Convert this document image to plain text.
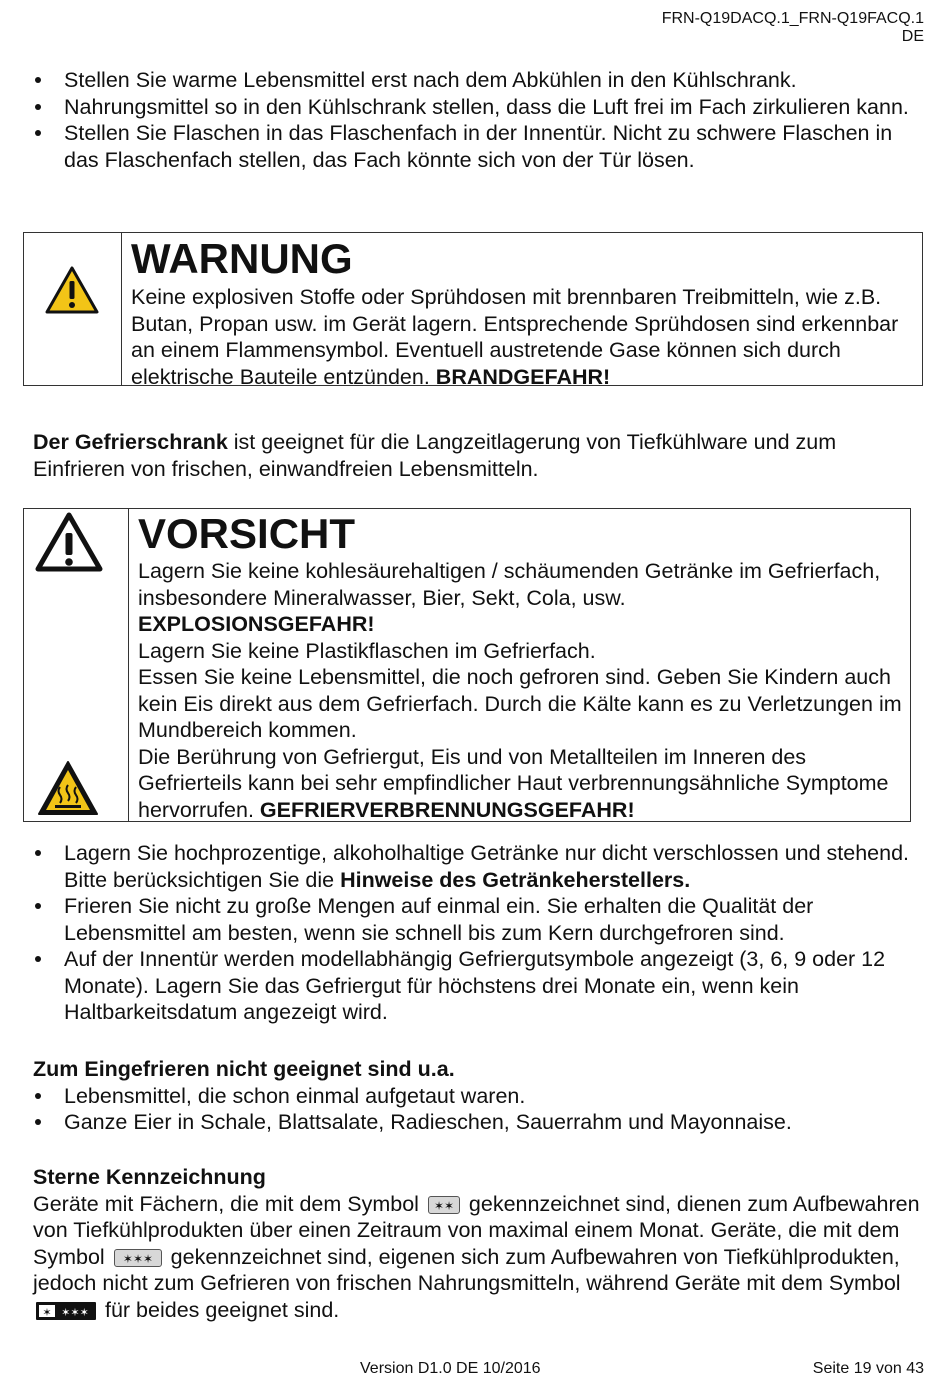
FRN-Q19DACQ.1_FRN-Q19FACQ.1
DE
Stellen Sie warme Lebensmittel erst nach dem Abkühlen in den Kühlschrank.
Nahrungsmittel so in den Kühlschrank stellen, dass die Luft frei im Fach zirkulieren kann.
Stellen Sie Flaschen in das Flaschenfach in der Innentür. Nicht zu schwere Flaschen in das Flaschenfach stellen, das Fach könnte sich von der Tür lösen.
WARNUNG
Keine explosiven Stoffe oder Sprühdosen mit brennbaren Treibmitteln, wie z.B. Butan, Propan usw. im Gerät lagern. Entsprechende Sprühdosen sind erkennbar an einem Flammensymbol. Eventuell austretende Gase können sich durch elektrische Bauteile entzünden. BRANDGEFAHR!

Der Gefrierschrank ist geeignet für die Langzeitlagerung von Tiefkühlware und zum Einfrieren von frischen, einwandfreien Lebensmitteln.

VORSICHT
Lagern Sie keine kohlesäurehaltigen / schäumenden Getränke im Gefrierfach, insbesondere Mineralwasser, Bier, Sekt, Cola, usw.
EXPLOSIONSGEFAHR!
Lagern Sie keine Plastikflaschen im Gefrierfach.
Essen Sie keine Lebensmittel, die noch gefroren sind. Geben Sie Kindern auch kein Eis direkt aus dem Gefrierfach. Durch die Kälte kann es zu Verletzungen im Mundbereich kommen.
Die Berührung von Gefriergut, Eis und von Metallteilen im Inneren des Gefrierteils kann bei sehr empfindlicher Haut verbrennungsähnliche Symptome hervorrufen. GEFRIERVERBRENNUNGSGEFAHR!
Lagern Sie hochprozentige, alkoholhaltige Getränke nur dicht verschlossen und stehend. Bitte berücksichtigen Sie die Hinweise des Getränkeherstellers.
Frieren Sie nicht zu große Mengen auf einmal ein. Sie erhalten die Qualität der Lebensmittel am besten, wenn sie schnell bis zum Kern durchgefroren sind.
Auf der Innentür werden modellabhängig Gefriergutsymbole angezeigt (3, 6, 9 oder 12 Monate). Lagern Sie das Gefriergut für höchstens drei Monate ein, wenn kein Haltbarkeitsdatum angezeigt wird.
Zum Eingefrieren nicht geeignet sind u.a.
Lebensmittel, die schon einmal aufgetaut waren.
Ganze Eier in Schale, Blattsalate, Radieschen, Sauerrahm und Mayonnaise.
Sterne Kennzeichnung
Geräte mit Fächern, die mit dem Symbol ✶✶ gekennzeichnet sind, dienen zum Aufbewahren von Tiefkühlprodukten über einen Zeitraum von maximal einem Monat. Geräte, die mit dem Symbol ✶✶✶ gekennzeichnet sind, eigenen sich zum Aufbewahren von Tiefkühlprodukten, jedoch nicht zum Gefrieren von frischen Nahrungsmitteln, während Geräte mit dem Symbol
✶ ✶✶✶ für beides geeignet sind.
Version D1.0 DE 10/2016	Seite 19 von 43
